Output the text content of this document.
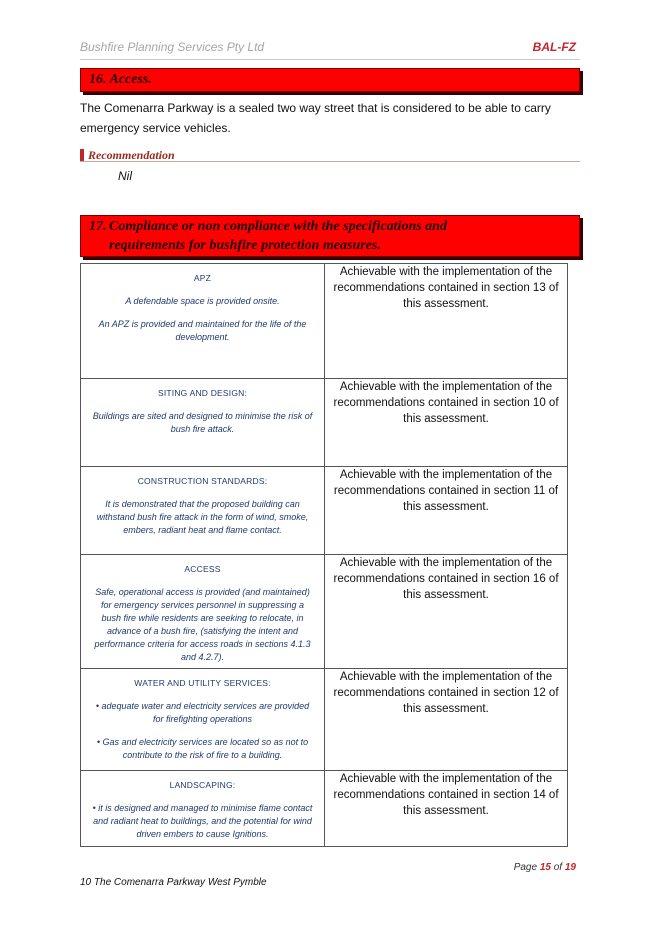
Bushfire Planning Services Pty Ltd	BAL-FZ
16. Access.
The Comenarra Parkway is a sealed two way street that is considered to be able to carry emergency service vehicles.
Recommendation
Nil
17. Compliance or non compliance with the specifications and
requirements for bushfire protection measures.
APZ
A defendable space is provided onsite.
An APZ is provided and maintained for the life of the development.	Achievable with the implementation of the recommendations contained in section 13 of this assessment.

SITING AND DESIGN:
Buildings are sited and designed to minimise the risk of bush fire attack.	Achievable with the implementation of the recommendations contained in section 10 of this assessment.

CONSTRUCTION STANDARDS:
It is demonstrated that the proposed building can withstand bush fire attack in the form of wind, smoke, embers, radiant heat and flame contact.	Achievable with the implementation of the recommendations contained in section 11 of this assessment.

ACCESS
Safe, operational access is provided (and maintained) for emergency services personnel in suppressing a bush fire while residents are seeking to relocate, in advance of a bush fire, (satisfying the intent and performance criteria for access roads in sections 4.1.3 and 4.2.7).	Achievable with the implementation of the recommendations contained in section 16 of this assessment.

WATER AND UTILITY SERVICES:
• adequate water and electricity services are provided for firefighting operations
• Gas and electricity services are located so as not to contribute to the risk of fire to a building.	Achievable with the implementation of the recommendations contained in section 12 of this assessment.

LANDSCAPING:
• it is designed and managed to minimise flame contact and radiant heat to buildings, and the potential for wind driven embers to cause Ignitions.	Achievable with the implementation of the recommendations contained in section 14 of this assessment.
Page 15 of 19
10 The Comenarra Parkway West Pymble
